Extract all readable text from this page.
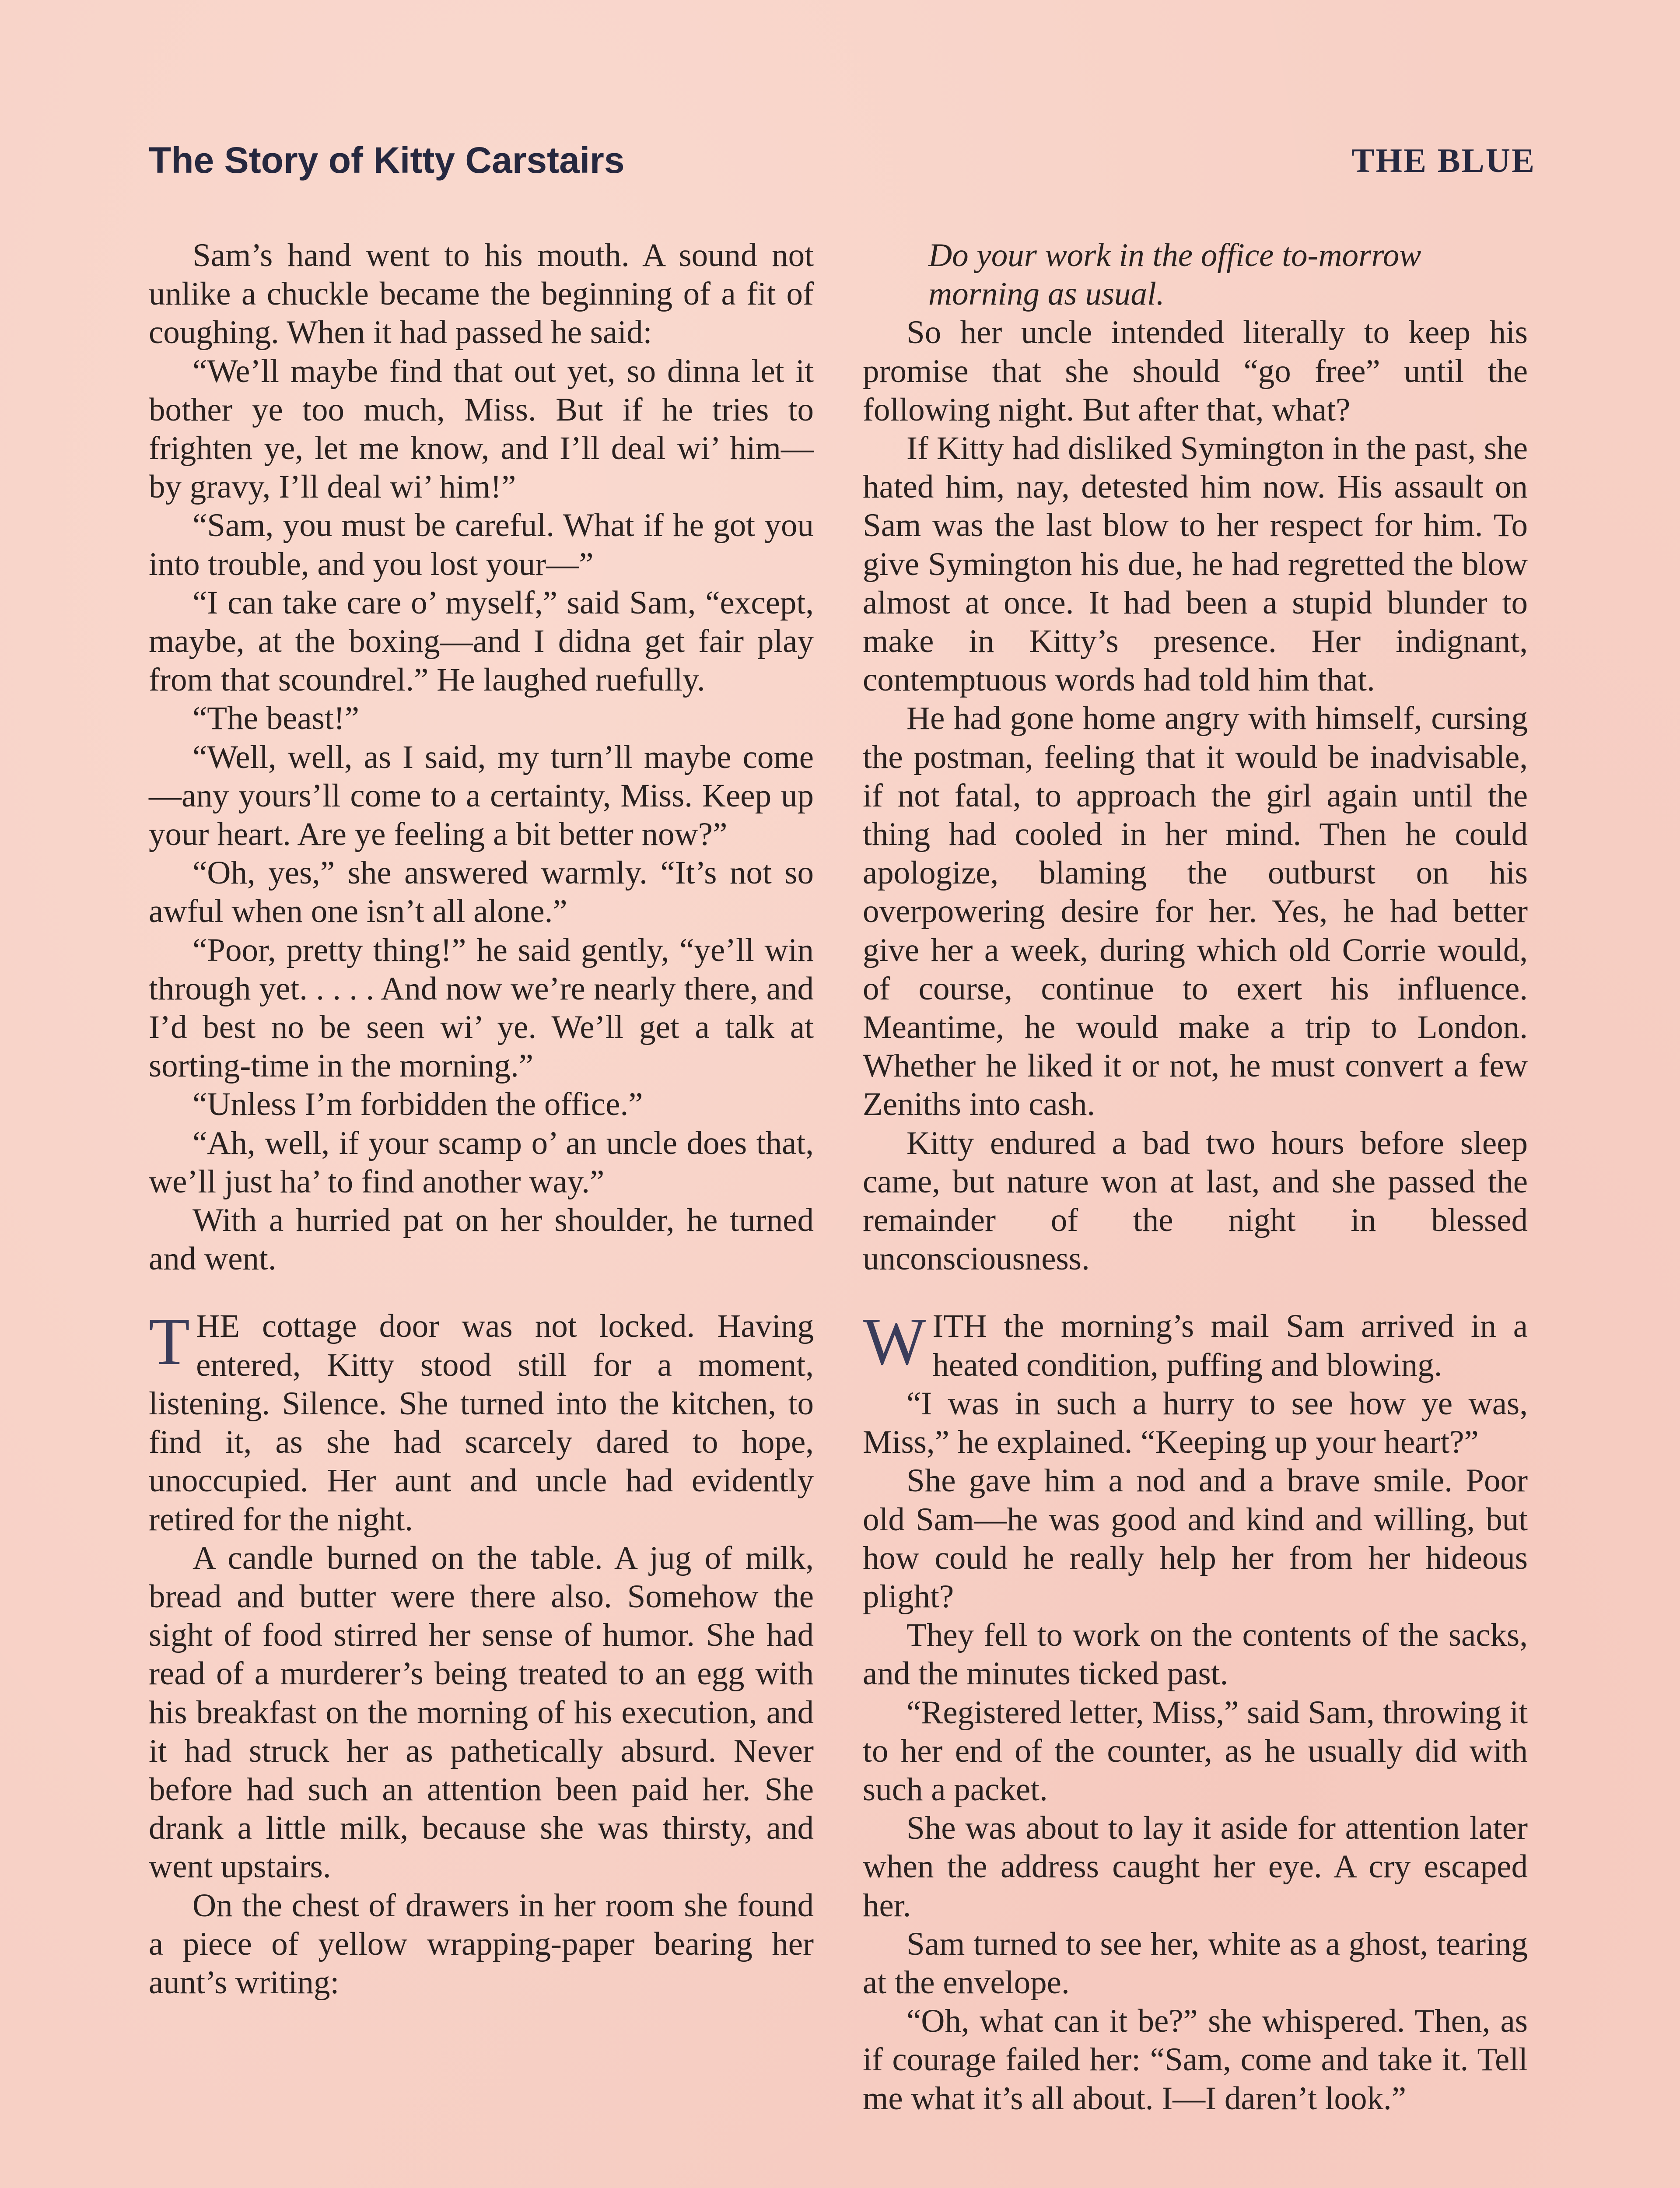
The Story of Kitty Carstairs	THE BLUE

Sam’s hand went to his mouth. A sound not unlike a chuckle became the beginning of a fit of coughing. When it had passed he said:

“We’ll maybe find that out yet, so dinna let it bother ye too much, Miss. But if he tries to frighten ye, let me know, and I’ll deal wi’ him—by gravy, I’ll deal wi’ him!”

“Sam, you must be careful. What if he got you into trouble, and you lost your—”

“I can take care o’ myself,” said Sam, “except, maybe, at the boxing—and I didna get fair play from that scoundrel.” He laughed ruefully.

“The beast!”

“Well, well, as I said, my turn’ll maybe come—any yours’ll come to a certainty, Miss. Keep up your heart. Are ye feeling a bit better now?”

“Oh, yes,” she answered warmly. “It’s not so awful when one isn’t all alone.”

“Poor, pretty thing!” he said gently, “ye’ll win through yet. . . . . And now we’re nearly there, and I’d best no be seen wi’ ye. We’ll get a talk at sorting-time in the morning.”

“Unless I’m forbidden the office.”

“Ah, well, if your scamp o’ an uncle does that, we’ll just ha’ to find another way.”

With a hurried pat on her shoulder, he turned and went.

THE cottage door was not locked. Having entered, Kitty stood still for a moment, listening. Silence. She turned into the kitchen, to find it, as she had scarcely dared to hope, unoccupied. Her aunt and uncle had evidently retired for the night.

A candle burned on the table. A jug of milk, bread and butter were there also. Somehow the sight of food stirred her sense of humor. She had read of a murderer’s being treated to an egg with his breakfast on the morning of his execution, and it had struck her as pathetically absurd. Never before had such an attention been paid her. She drank a little milk, because she was thirsty, and went upstairs.

On the chest of drawers in her room she found a piece of yellow wrapping-paper bearing her aunt’s writing:

Do your work in the office to-morrow morning as usual.

So her uncle intended literally to keep his promise that she should “go free” until the following night. But after that, what?

If Kitty had disliked Symington in the past, she hated him, nay, detested him now. His assault on Sam was the last blow to her respect for him. To give Symington his due, he had regretted the blow almost at once. It had been a stupid blunder to make in Kitty’s presence. Her indignant, contemptuous words had told him that.

He had gone home angry with himself, cursing the postman, feeling that it would be inadvisable, if not fatal, to approach the girl again until the thing had cooled in her mind. Then he could apologize, blaming the outburst on his overpowering desire for her. Yes, he had better give her a week, during which old Corrie would, of course, continue to exert his influence. Meantime, he would make a trip to London. Whether he liked it or not, he must convert a few Zeniths into cash.

Kitty endured a bad two hours before sleep came, but nature won at last, and she passed the remainder of the night in blessed unconsciousness.

WITH the morning’s mail Sam arrived in a heated condition, puffing and blowing.

“I was in such a hurry to see how ye was, Miss,” he explained. “Keeping up your heart?”

She gave him a nod and a brave smile. Poor old Sam—he was good and kind and willing, but how could he really help her from her hideous plight?

They fell to work on the contents of the sacks, and the minutes ticked past.

“Registered letter, Miss,” said Sam, throwing it to her end of the counter, as he usually did with such a packet.

She was about to lay it aside for attention later when the address caught her eye. A cry escaped her.

Sam turned to see her, white as a ghost, tearing at the envelope.

“Oh, what can it be?” she whispered. Then, as if courage failed her: “Sam, come and take it. Tell me what it’s all about. I—I daren’t look.”
